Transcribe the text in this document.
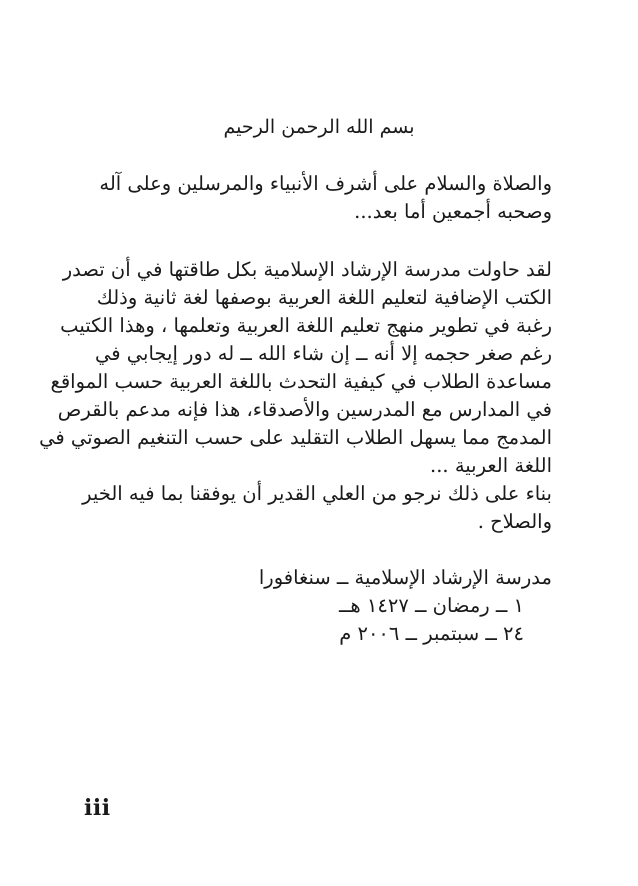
بسم الله الرحمن الرحيم
والصلاة والسلام على أشرف الأنبياء والمرسلين وعلى آله
وصحبه أجمعين أما بعد...
لقد حاولت مدرسة الإرشاد الإسلامية بكل طاقتها في أن تصدر
الكتب الإضافية لتعليم اللغة العربية بوصفها لغة ثانية وذلك
رغبة في تطوير منهج تعليم اللغة العربية وتعلمها ، وهذا الكتيب
رغم صغر حجمه إلا أنه ــ إن شاء الله ــ له دور إيجابي في
مساعدة الطلاب في كيفية التحدث باللغة العربية حسب المواقع
في المدارس مع المدرسين والأصدقاء، هذا فإنه مدعم بالقرص
المدمج مما يسهل الطلاب التقليد على حسب التنغيم الصوتي في
اللغة العربية ...
بناء على ذلك نرجو من العلي القدير أن يوفقنا بما فيه الخير
والصلاح .
مدرسة الإرشاد الإسلامية ــ سنغافورا
١ ــ رمضان ــ ١٤٢٧ هــ
٢٤ ــ سبتمبر ــ ٢٠٠٦ م
iii
